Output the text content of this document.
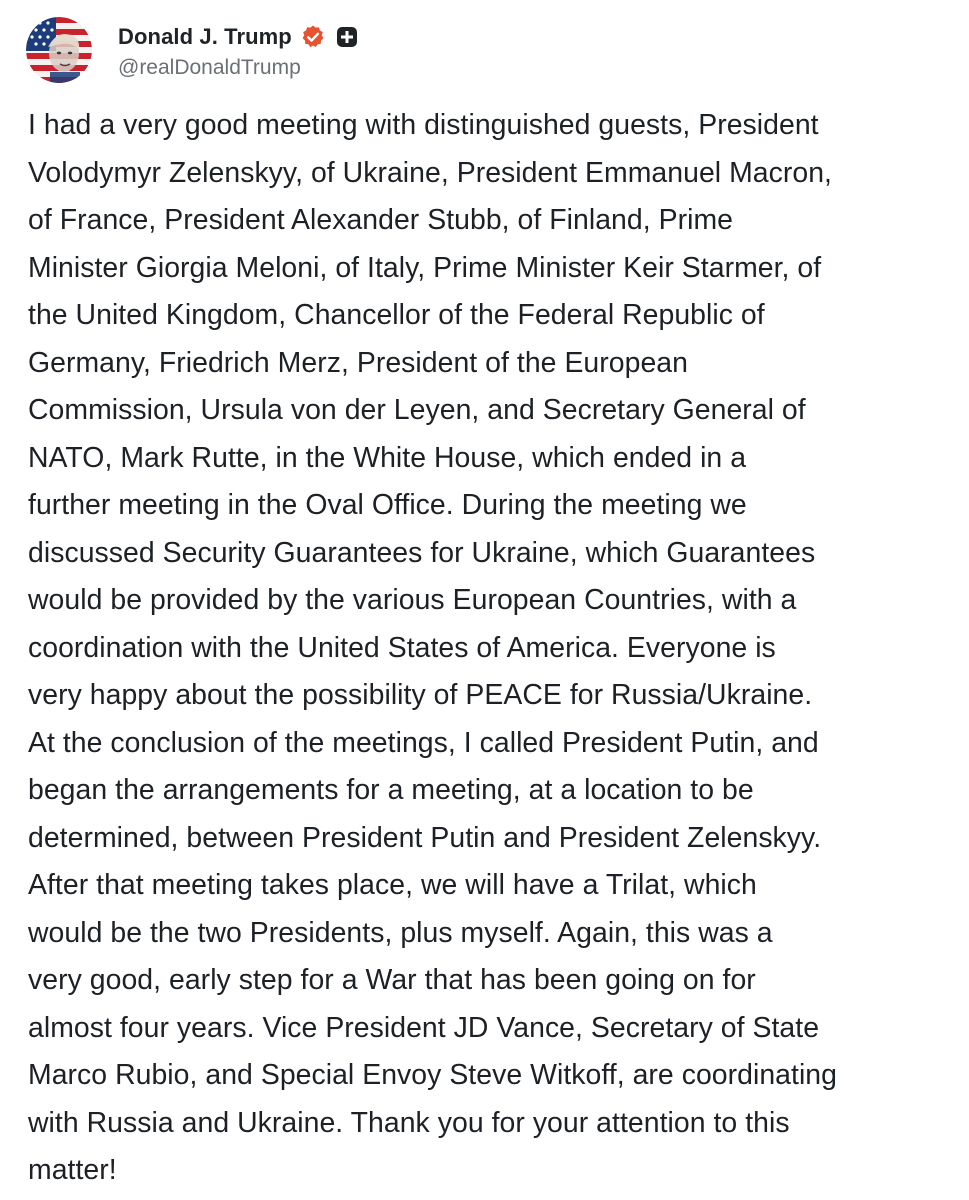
Donald J. Trump
@realDonaldTrump

I had a very good meeting with distinguished guests, President
Volodymyr Zelenskyy, of Ukraine, President Emmanuel Macron,
of France, President Alexander Stubb, of Finland, Prime
Minister Giorgia Meloni, of Italy, Prime Minister Keir Starmer, of
the United Kingdom, Chancellor of the Federal Republic of
Germany, Friedrich Merz, President of the European
Commission, Ursula von der Leyen, and Secretary General of
NATO, Mark Rutte, in the White House, which ended in a
further meeting in the Oval Office. During the meeting we
discussed Security Guarantees for Ukraine, which Guarantees
would be provided by the various European Countries, with a
coordination with the United States of America. Everyone is
very happy about the possibility of PEACE for Russia/Ukraine.
At the conclusion of the meetings, I called President Putin, and
began the arrangements for a meeting, at a location to be
determined, between President Putin and President Zelenskyy.
After that meeting takes place, we will have a Trilat, which
would be the two Presidents, plus myself. Again, this was a
very good, early step for a War that has been going on for
almost four years. Vice President JD Vance, Secretary of State
Marco Rubio, and Special Envoy Steve Witkoff, are coordinating
with Russia and Ukraine. Thank you for your attention to this
matter!
